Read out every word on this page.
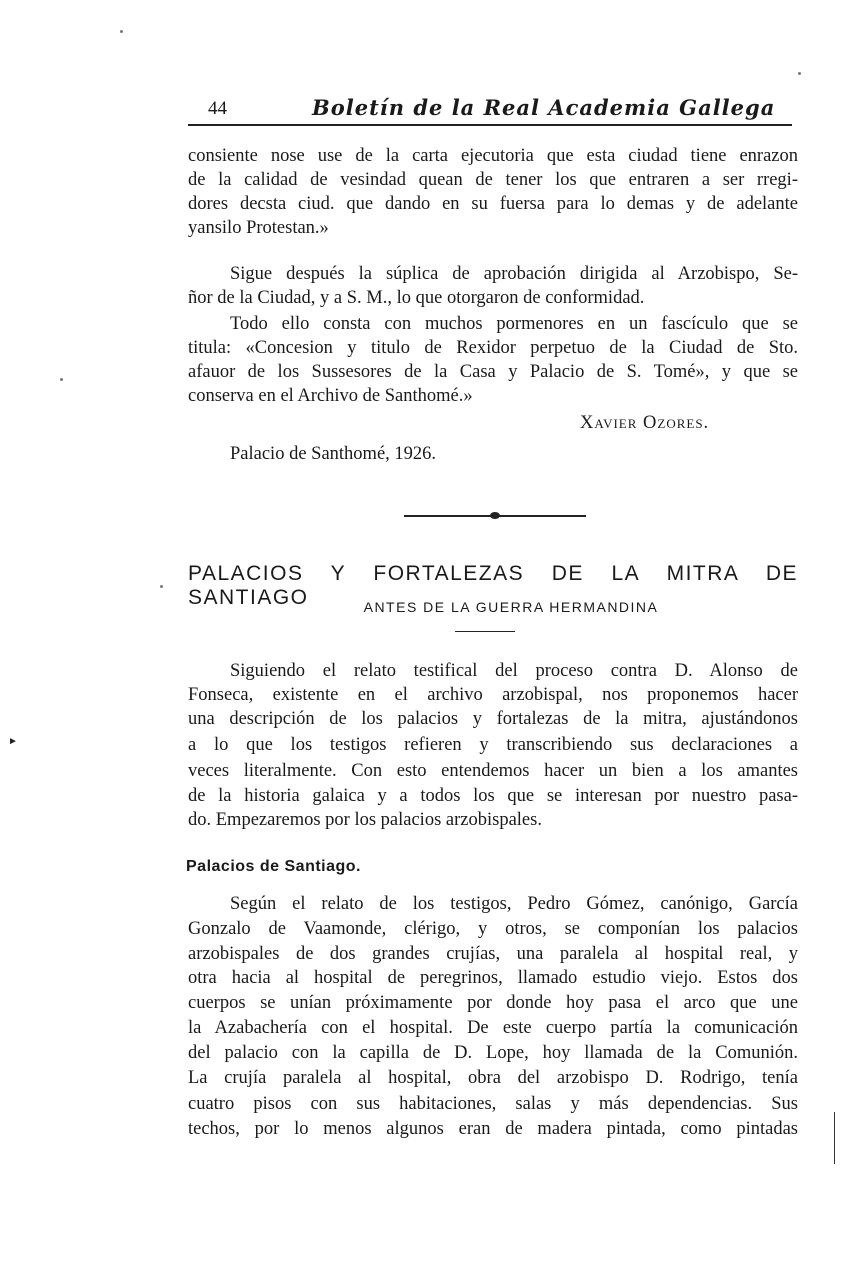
44	Boletín de la Real Academia Gallega
consiente nose use de la carta ejecutoria que esta ciudad tiene enrazon
de la calidad de vesindad quean de tener los que entraren a ser rregi-
dores decsta ciud. que dando en su fuersa para lo demas y de adelante
yansilo Protestan.»
Sigue después la súplica de aprobación dirigida al Arzobispo, Se-
ñor de la Ciudad, y a S. M., lo que otorgaron de conformidad.
Todo ello consta con muchos pormenores en un fascículo que se
titula: «Concesion y titulo de Rexidor perpetuo de la Ciudad de Sto.
afauor de los Sussesores de la Casa y Palacio de S. Tomé», y que se
conserva en el Archivo de Santhomé.»
Xavier Ozores.
Palacio de Santhomé, 1926.
PALACIOS Y FORTALEZAS DE LA MITRA DE SANTIAGO	ANTES DE LA GUERRA HERMANDINA
Siguiendo el relato testifical del proceso contra D. Alonso de
Fonseca, existente en el archivo arzobispal, nos proponemos hacer
una descripción de los palacios y fortalezas de la mitra, ajustándonos
a lo que los testigos refieren y transcribiendo sus declaraciones a
veces literalmente. Con esto entendemos hacer un bien a los amantes
de la historia galaica y a todos los que se interesan por nuestro pasa-
do. Empezaremos por los palacios arzobispales.
Palacios de Santiago.
Según el relato de los testigos, Pedro Gómez, canónigo, García
Gonzalo de Vaamonde, clérigo, y otros, se componían los palacios
arzobispales de dos grandes crujías, una paralela al hospital real, y
otra hacia al hospital de peregrinos, llamado estudio viejo. Estos dos
cuerpos se unían próximamente por donde hoy pasa el arco que une
la Azabachería con el hospital. De este cuerpo partía la comunicación
del palacio con la capilla de D. Lope, hoy llamada de la Comunión.
La crujía paralela al hospital, obra del arzobispo D. Rodrigo, tenía
cuatro pisos con sus habitaciones, salas y más dependencias. Sus
techos, por lo menos algunos eran de madera pintada, como pintadas
►
